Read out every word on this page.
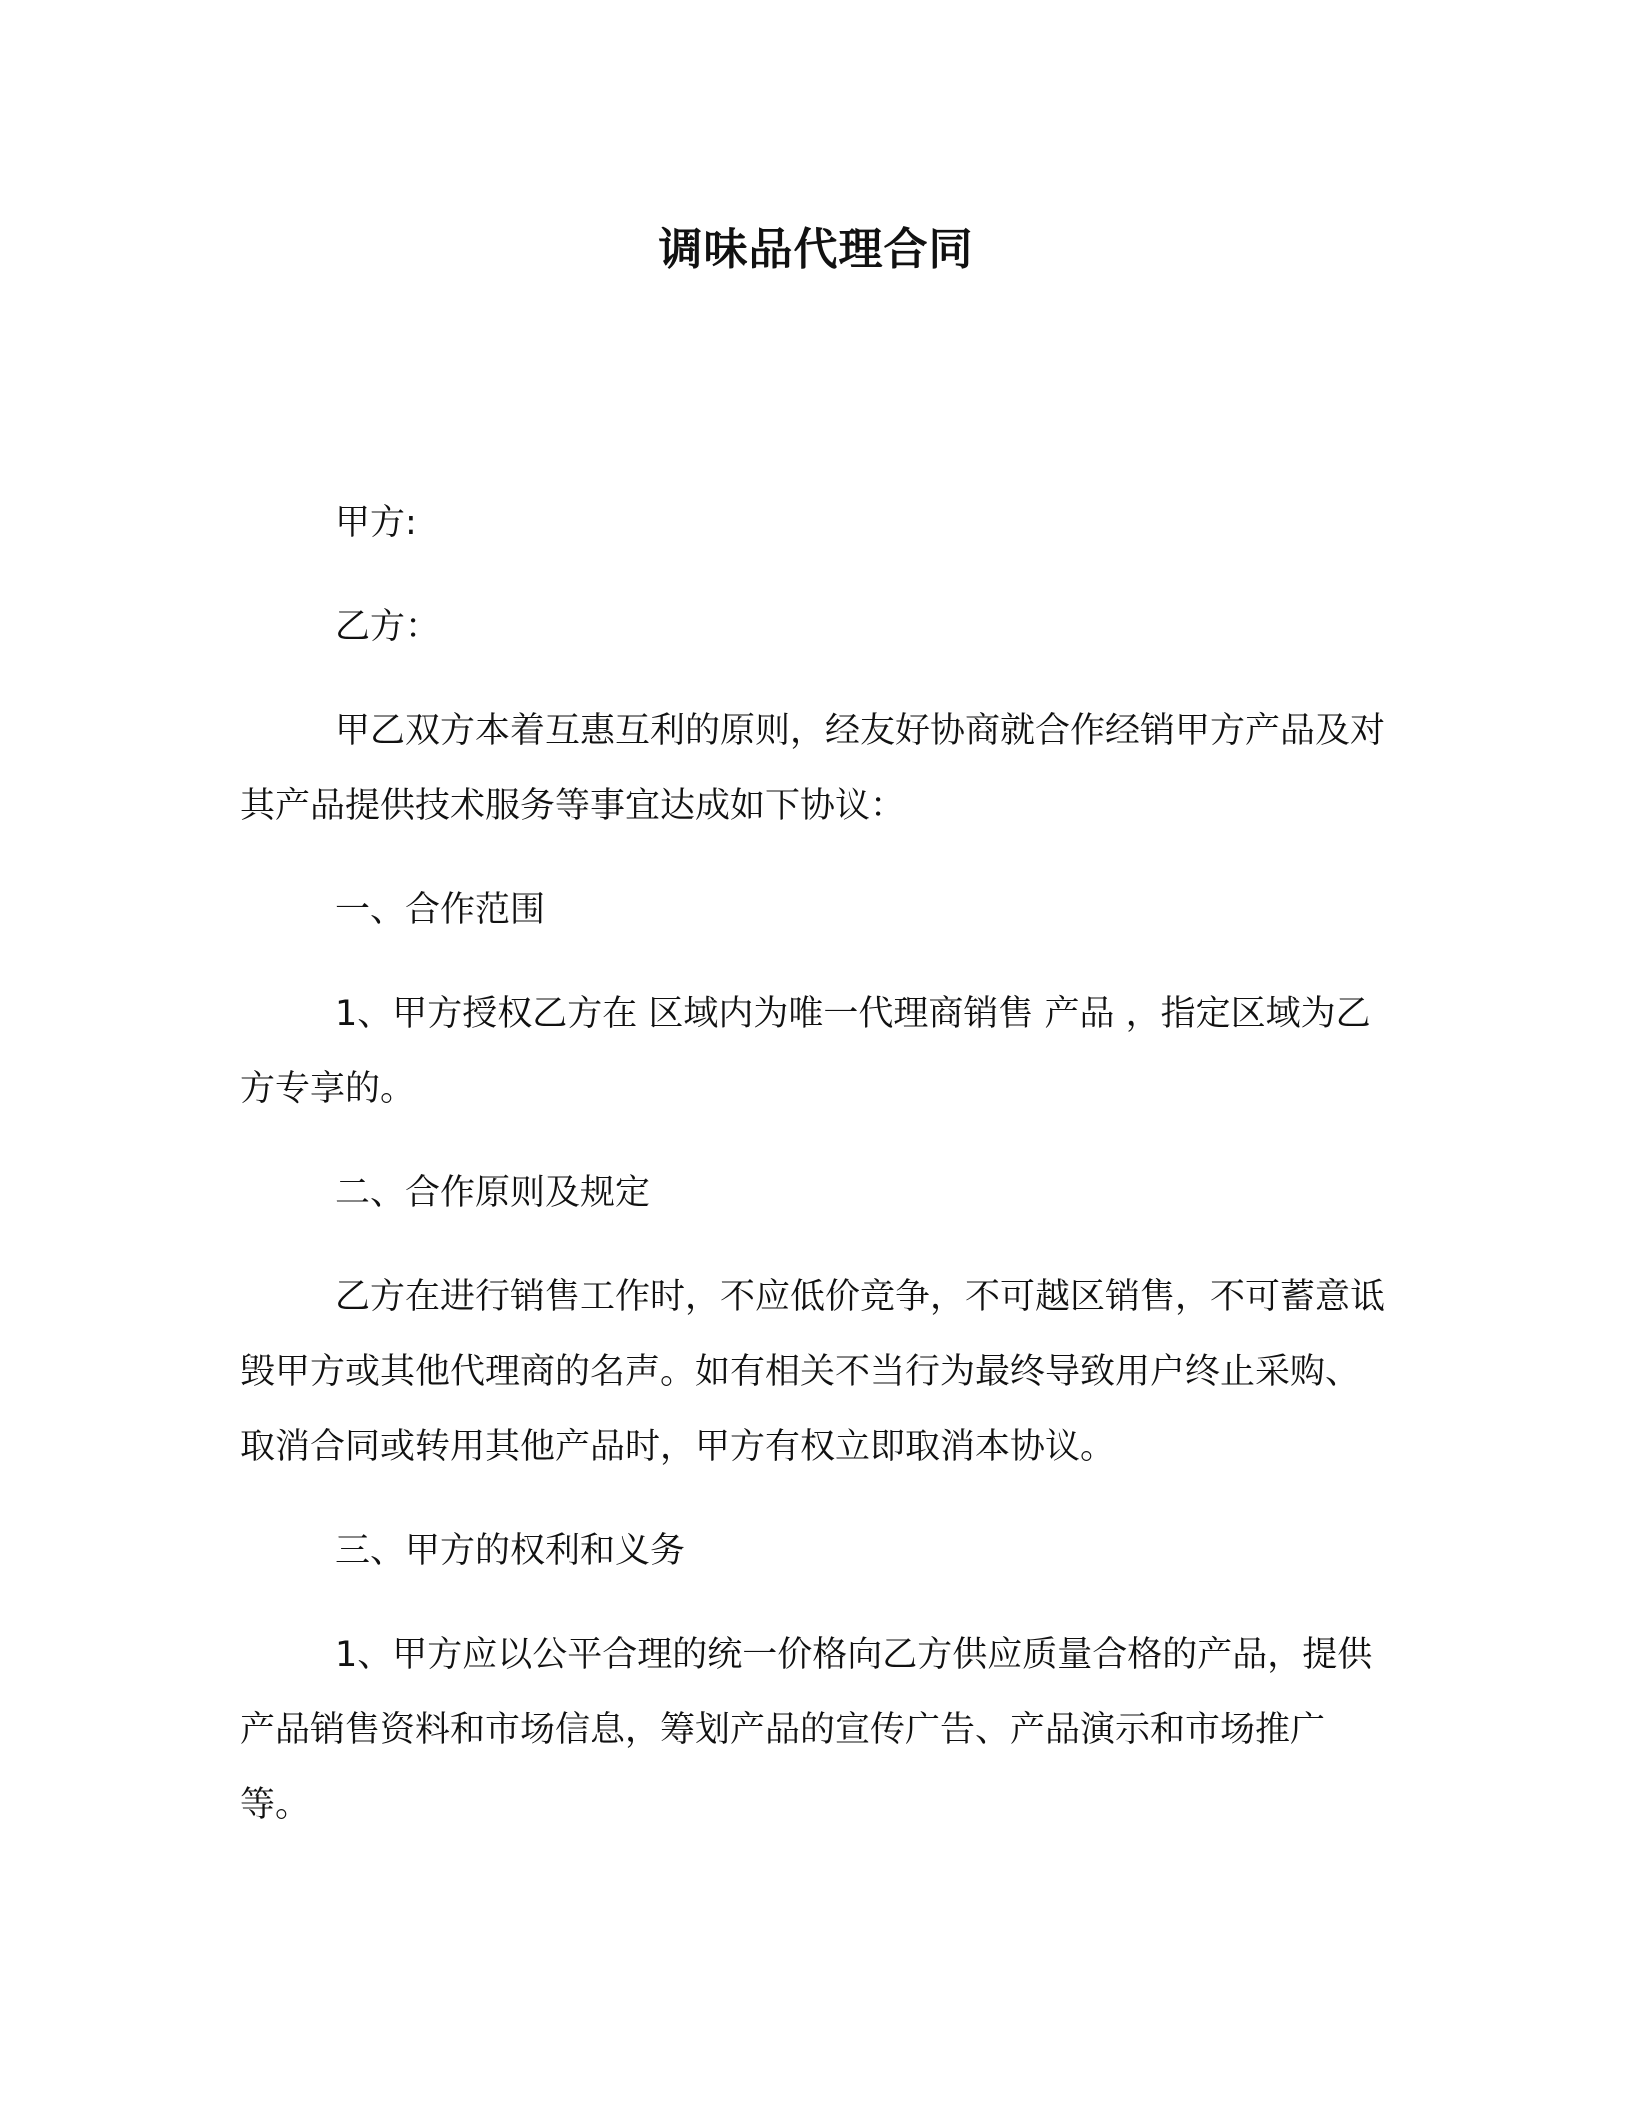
调味品代理合同

甲方:

乙方：

甲乙双方本着互惠互利的原则，经友好协商就合作经销甲方产品及对其产品提供技术服务等事宜达成如下协议：

一、合作范围

1、甲方授权乙方在 区域内为唯一代理商销售 产品 ，指定区域为乙方专享的。

二、合作原则及规定

乙方在进行销售工作时，不应低价竞争，不可越区销售，不可蓄意诋毁甲方或其他代理商的名声。如有相关不当行为最终导致用户终止采购、取消合同或转用其他产品时，甲方有权立即取消本协议。

三、甲方的权利和义务

1、甲方应以公平合理的统一价格向乙方供应质量合格的产品，提供产品销售资料和市场信息，筹划产品的宣传广告、产品演示和市场推广等。
